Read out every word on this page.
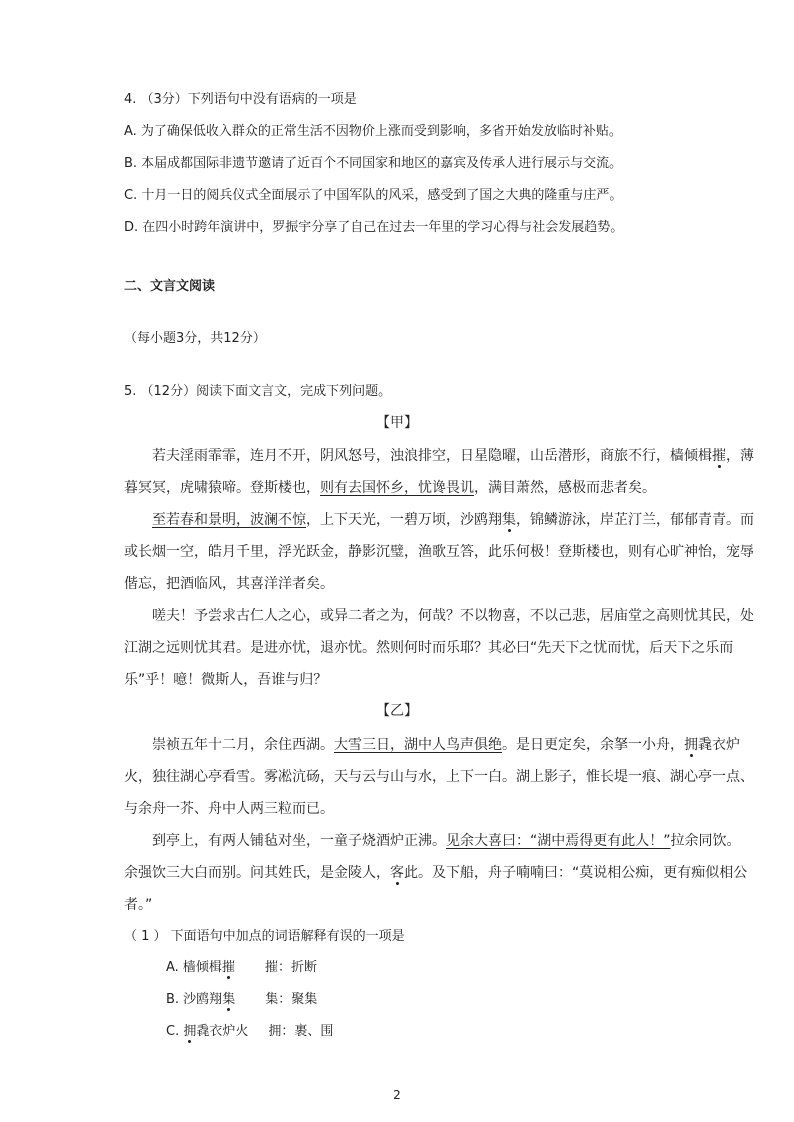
4. （3分）下列语句中没有语病的一项是
A. 为了确保低收入群众的正常生活不因物价上涨而受到影响，多省开始发放临时补贴。
B. 本届成都国际非遗节邀请了近百个不同国家和地区的嘉宾及传承人进行展示与交流。
C. 十月一日的阅兵仪式全面展示了中国军队的风采，感受到了国之大典的隆重与庄严。
D. 在四小时跨年演讲中，罗振宇分享了自己在过去一年里的学习心得与社会发展趋势。
二、文言文阅读
（每小题3分，共12分）
5. （12分）阅读下面文言文，完成下列问题。
【甲】
若夫淫雨霏霏，连月不开，阴风怒号，浊浪排空，日星隐曜，山岳潜形，商旅不行，樯倾楫摧，薄
暮冥冥，虎啸猿啼。登斯楼也，则有去国怀乡，忧谗畏讥，满目萧然，感极而悲者矣。
至若春和景明，波澜不惊，上下天光，一碧万顷，沙鸥翔集，锦鳞游泳，岸芷汀兰，郁郁青青。而
或长烟一空，皓月千里，浮光跃金，静影沉璧，渔歌互答，此乐何极！登斯楼也，则有心旷神怡，宠辱
偕忘，把酒临风，其喜洋洋者矣。
嗟夫！予尝求古仁人之心，或异二者之为，何哉？不以物喜，不以己悲，居庙堂之高则忧其民，处
江湖之远则忧其君。是进亦忧，退亦忧。然则何时而乐耶？其必曰“先天下之忧而忧，后天下之乐而
乐”乎！噫！微斯人，吾谁与归？
【乙】
崇祯五年十二月，余住西湖。大雪三日，湖中人鸟声俱绝。是日更定矣，余拏一小舟，拥毳衣炉
火，独往湖心亭看雪。雾凇沆砀，天与云与山与水，上下一白。湖上影子，惟长堤一痕、湖心亭一点、
与余舟一芥、舟中人两三粒而已。
到亭上，有两人铺毡对坐，一童子烧酒炉正沸。见余大喜曰：“湖中焉得更有此人！”拉余同饮。
余强饮三大白而别。问其姓氏，是金陵人，客此。及下船，舟子喃喃曰：“莫说相公痴，更有痴似相公
者。”
（ 1 ） 下面语句中加点的词语解释有误的一项是
A. 樯倾楫摧 摧：折断
B. 沙鸥翔集 集：聚集
C. 拥毳衣炉火 拥：裹、围
2
